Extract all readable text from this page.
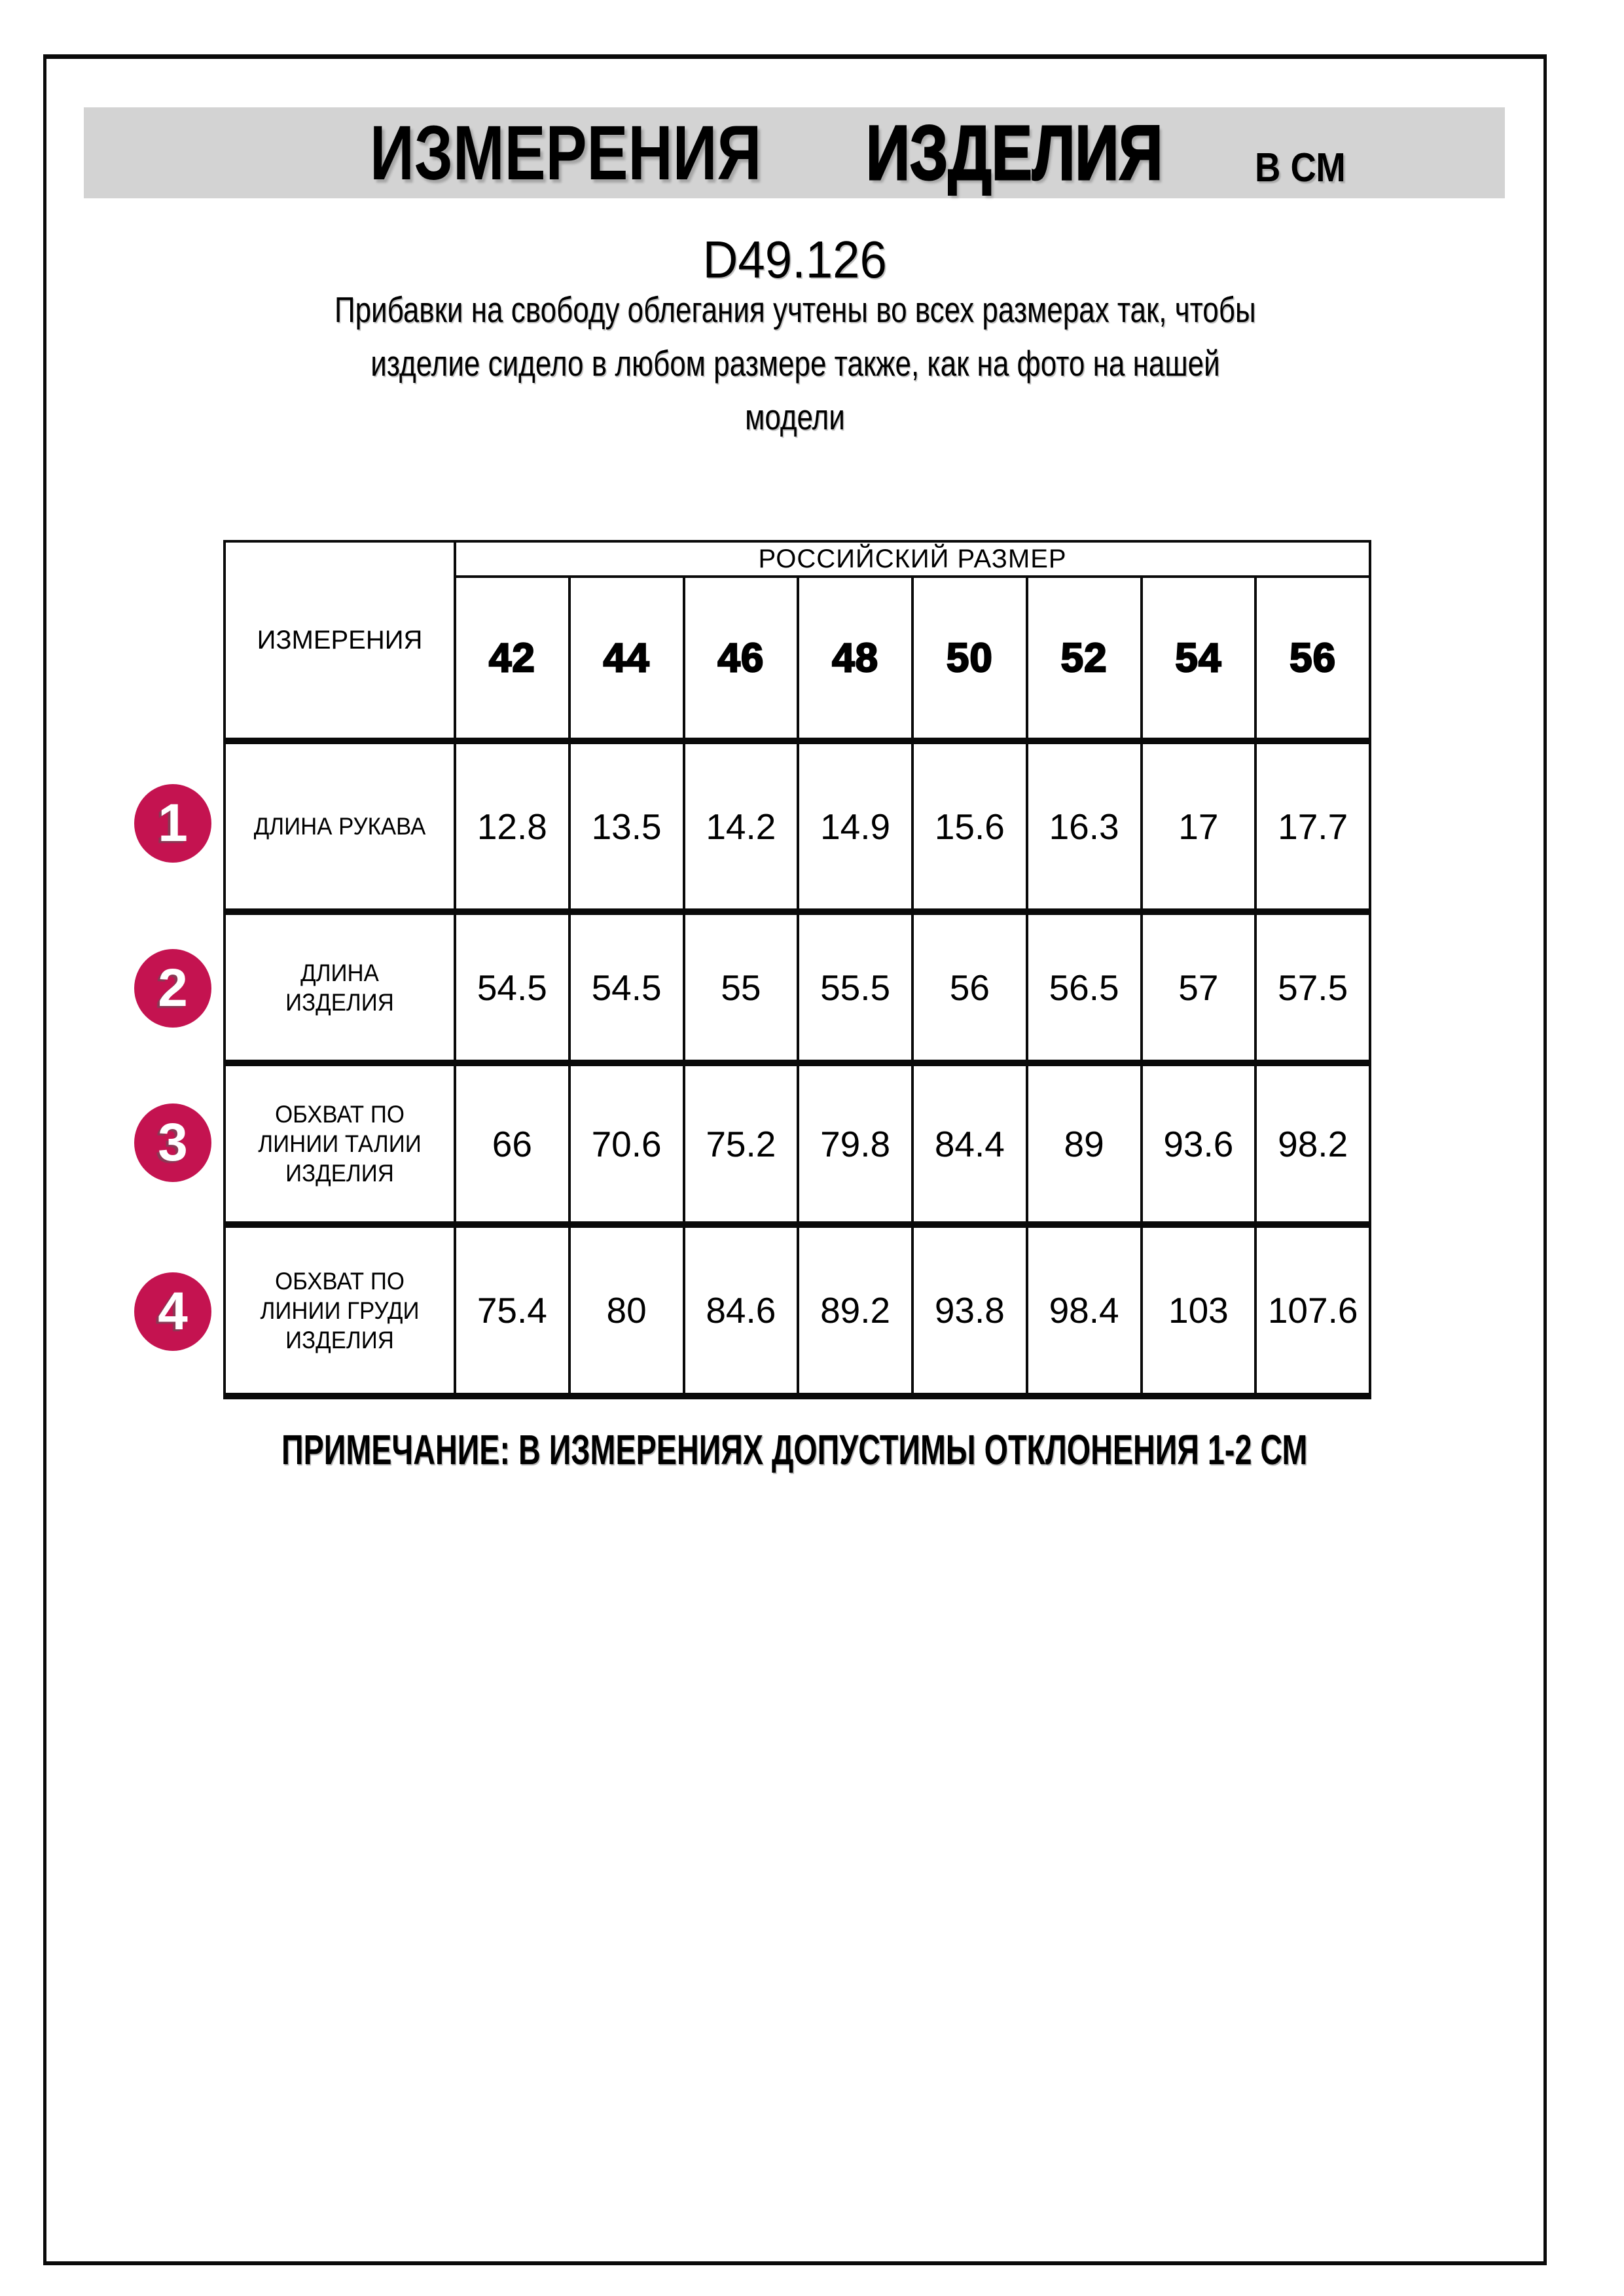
ИЗМЕРЕНИЯ ИЗДЕЛИЯ В СМ
D49.126
Прибавки на свободу облегания учтены во всех размерах так, чтобы
изделие сидело в любом размере также, как на фото на нашей
модели
ИЗМЕРЕНИЯ	РОССИЙСКИЙ РАЗМЕР							
	42	44	46	48	50	52	54	56

ДЛИНА РУКАВА	12.8	13.5	14.2	14.9	15.6	16.3	17	17.7

ДЛИНА
ИЗДЕЛИЯ	54.5	54.5	55	55.5	56	56.5	57	57.5

ОБХВАТ ПО
ЛИНИИ ТАЛИИ
ИЗДЕЛИЯ	66	70.6	75.2	79.8	84.4	89	93.6	98.2

ОБХВАТ ПО
ЛИНИИ ГРУДИ
ИЗДЕЛИЯ	75.4	80	84.6	89.2	93.8	98.4	103	107.6
ПРИМЕЧАНИЕ: В ИЗМЕРЕНИЯХ ДОПУСТИМЫ ОТКЛОНЕНИЯ 1-2 СМ
1
2
3
4
